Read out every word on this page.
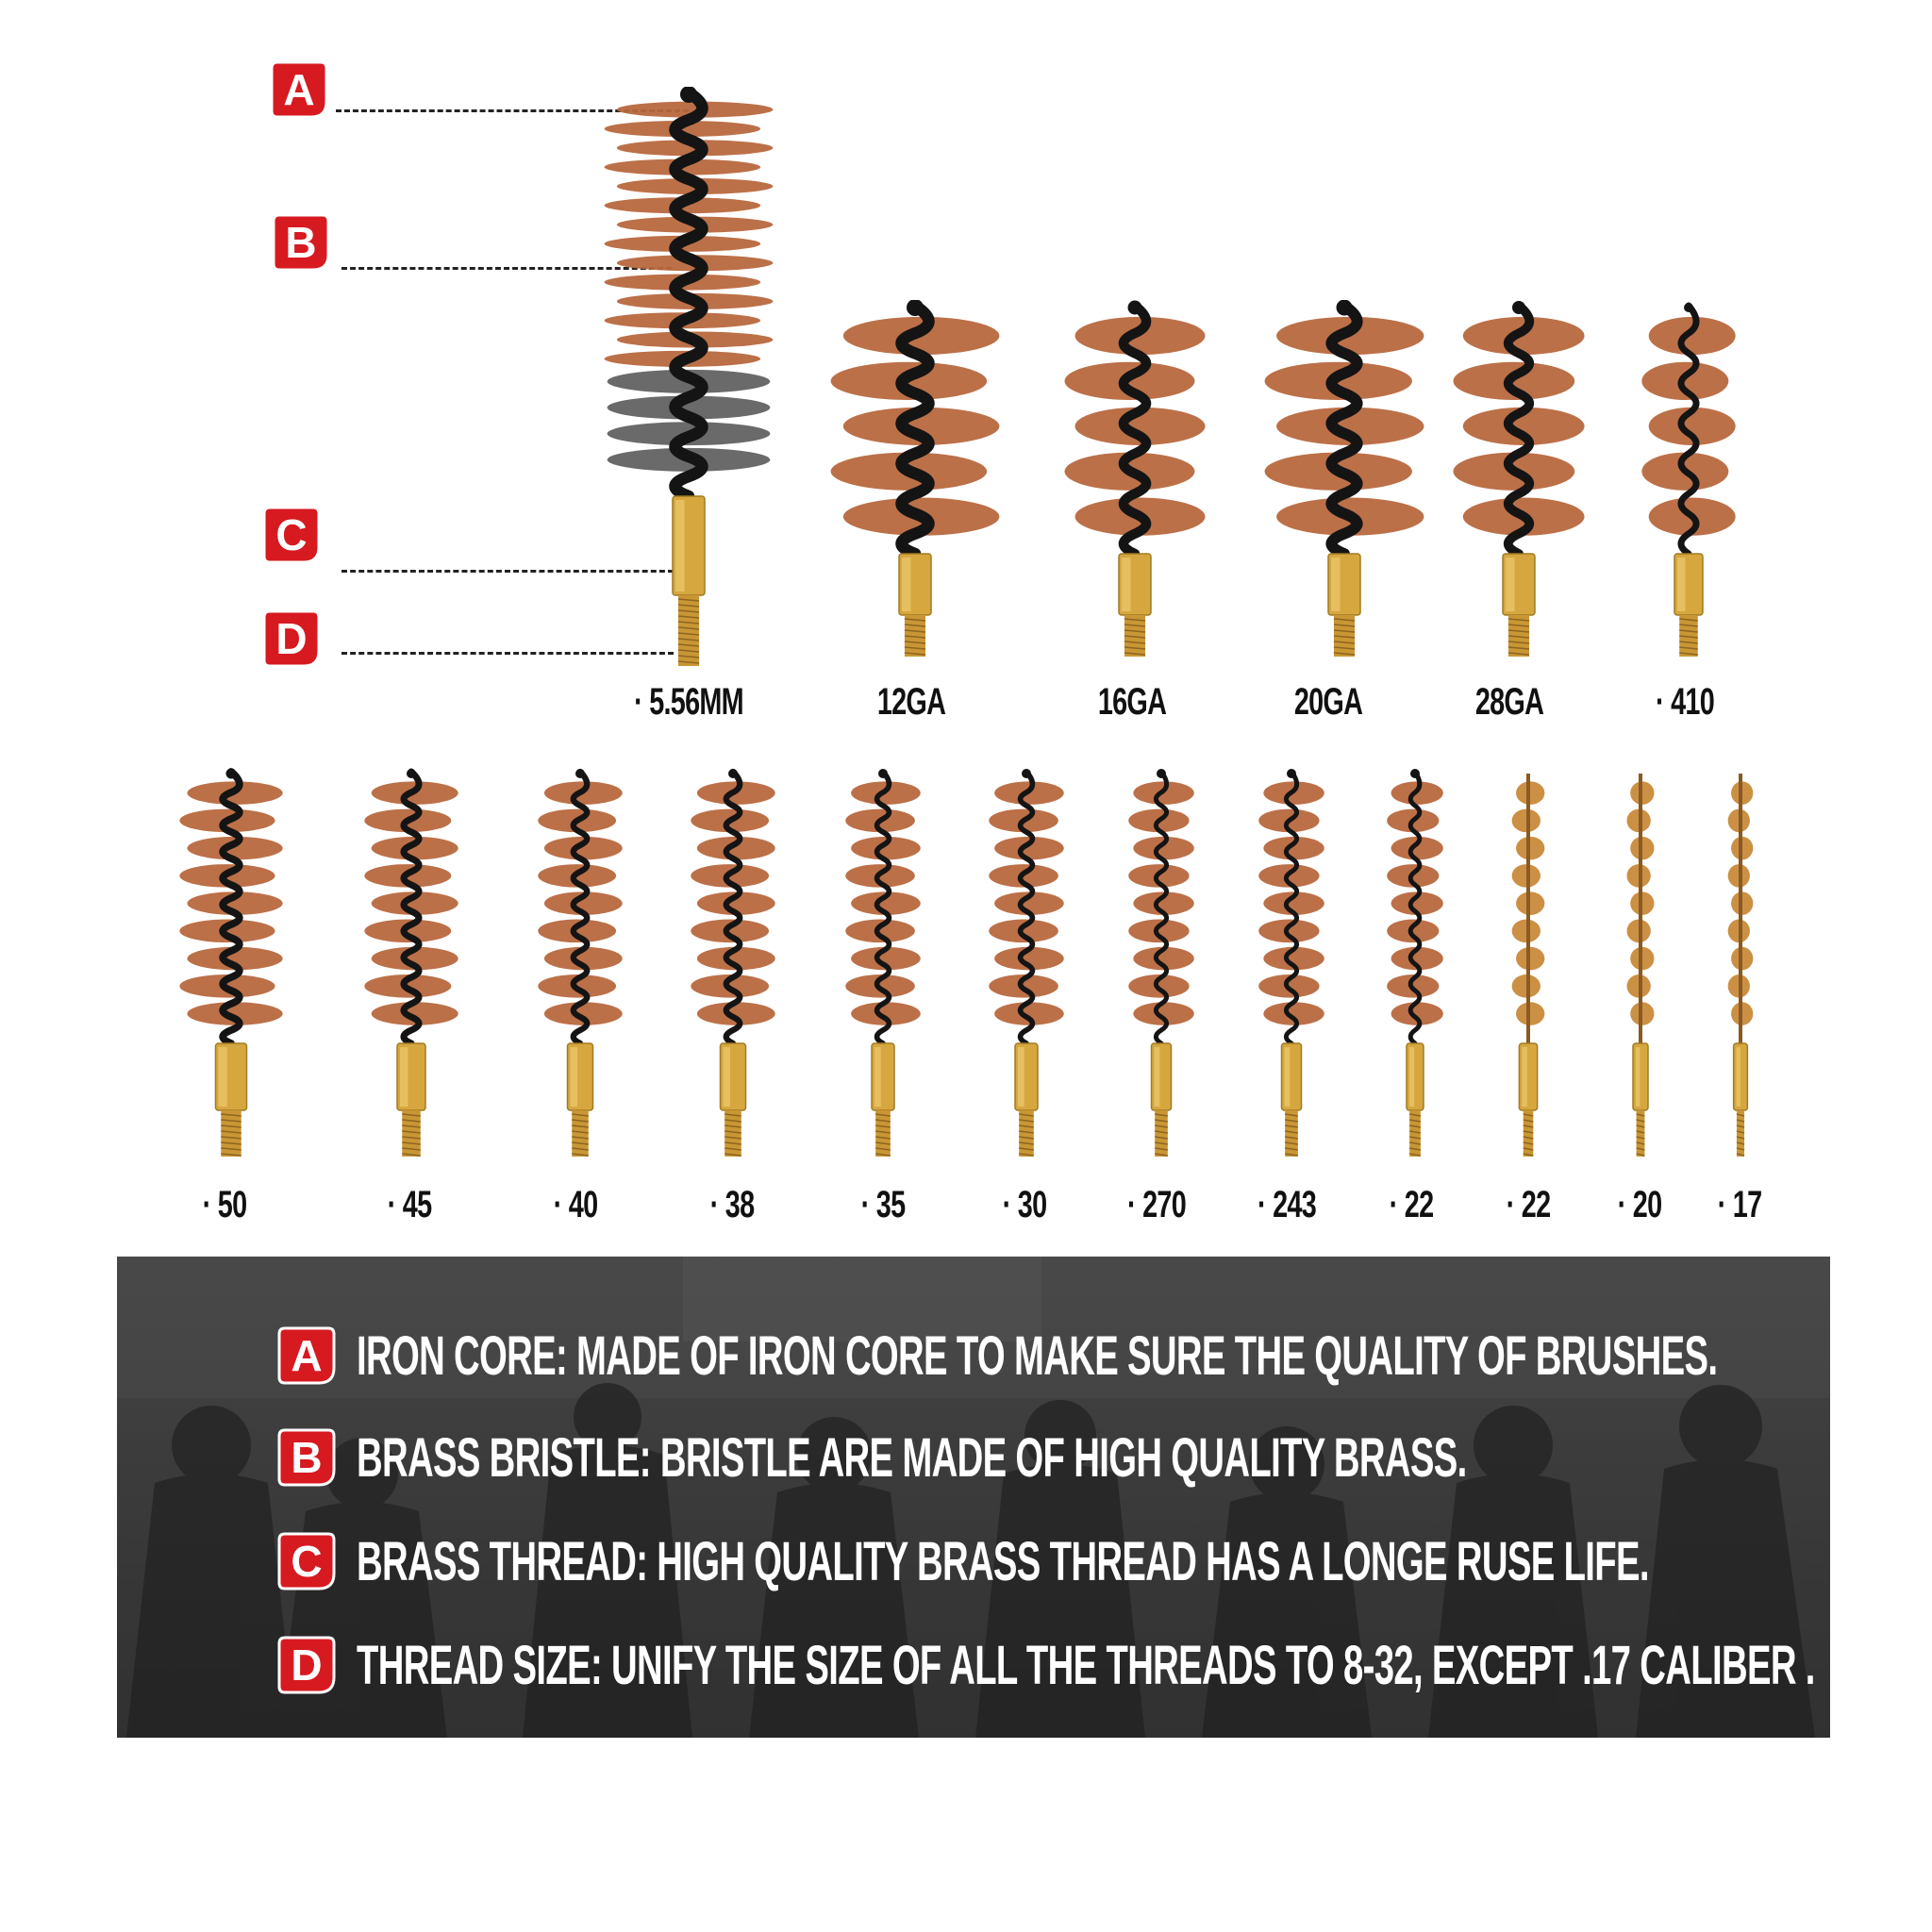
A
B
C
D
· 5.56MM	12GA	16GA	20GA	28GA	· 410
· 50	· 45	· 40	· 38	· 35	· 30 · 270 · 243 · 22 · 22 · 20 · 17
A IRON CORE: MADE OF IRON CORE TO MAKE SURE THE QUALITY OF BRUSHES.
B BRASS BRISTLE: BRISTLE ARE MADE OF HIGH QUALITY BRASS.
C BRASS THREAD: HIGH QUALITY BRASS THREAD HAS A LONGE RUSE LIFE.
D THREAD SIZE: UNIFY THE SIZE OF ALL THE THREADS TO 8-32, EXCEPT .17 CALIBER .
